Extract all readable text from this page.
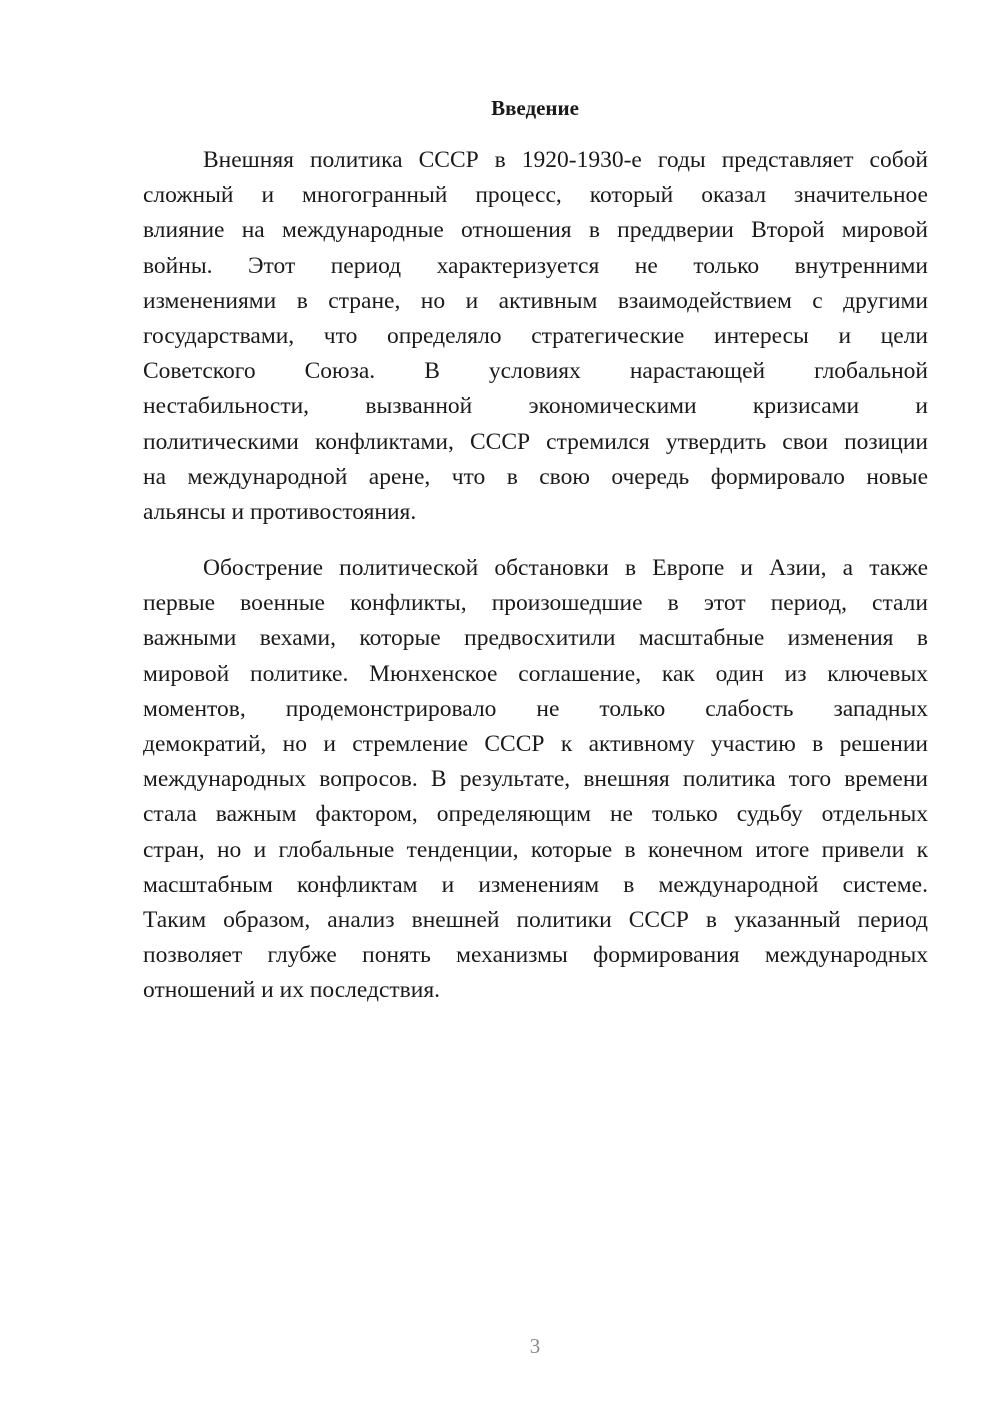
Введение
Внешняя политика СССР в 1920-1930-е годы представляет собой
сложный и многогранный процесс, который оказал значительное
влияние на международные отношения в преддверии Второй мировой
войны. Этот период характеризуется не только внутренними
изменениями в стране, но и активным взаимодействием с другими
государствами, что определяло стратегические интересы и цели
Советского Союза. В условиях нарастающей глобальной
нестабильности, вызванной экономическими кризисами и
политическими конфликтами, СССР стремился утвердить свои позиции
на международной арене, что в свою очередь формировало новые
альянсы и противостояния.
Обострение политической обстановки в Европе и Азии, а также
первые военные конфликты, произошедшие в этот период, стали
важными вехами, которые предвосхитили масштабные изменения в
мировой политике. Мюнхенское соглашение, как один из ключевых
моментов, продемонстрировало не только слабость западных
демократий, но и стремление СССР к активному участию в решении
международных вопросов. В результате, внешняя политика того времени
стала важным фактором, определяющим не только судьбу отдельных
стран, но и глобальные тенденции, которые в конечном итоге привели к
масштабным конфликтам и изменениям в международной системе.
Таким образом, анализ внешней политики СССР в указанный период
позволяет глубже понять механизмы формирования международных
отношений и их последствия.
3
